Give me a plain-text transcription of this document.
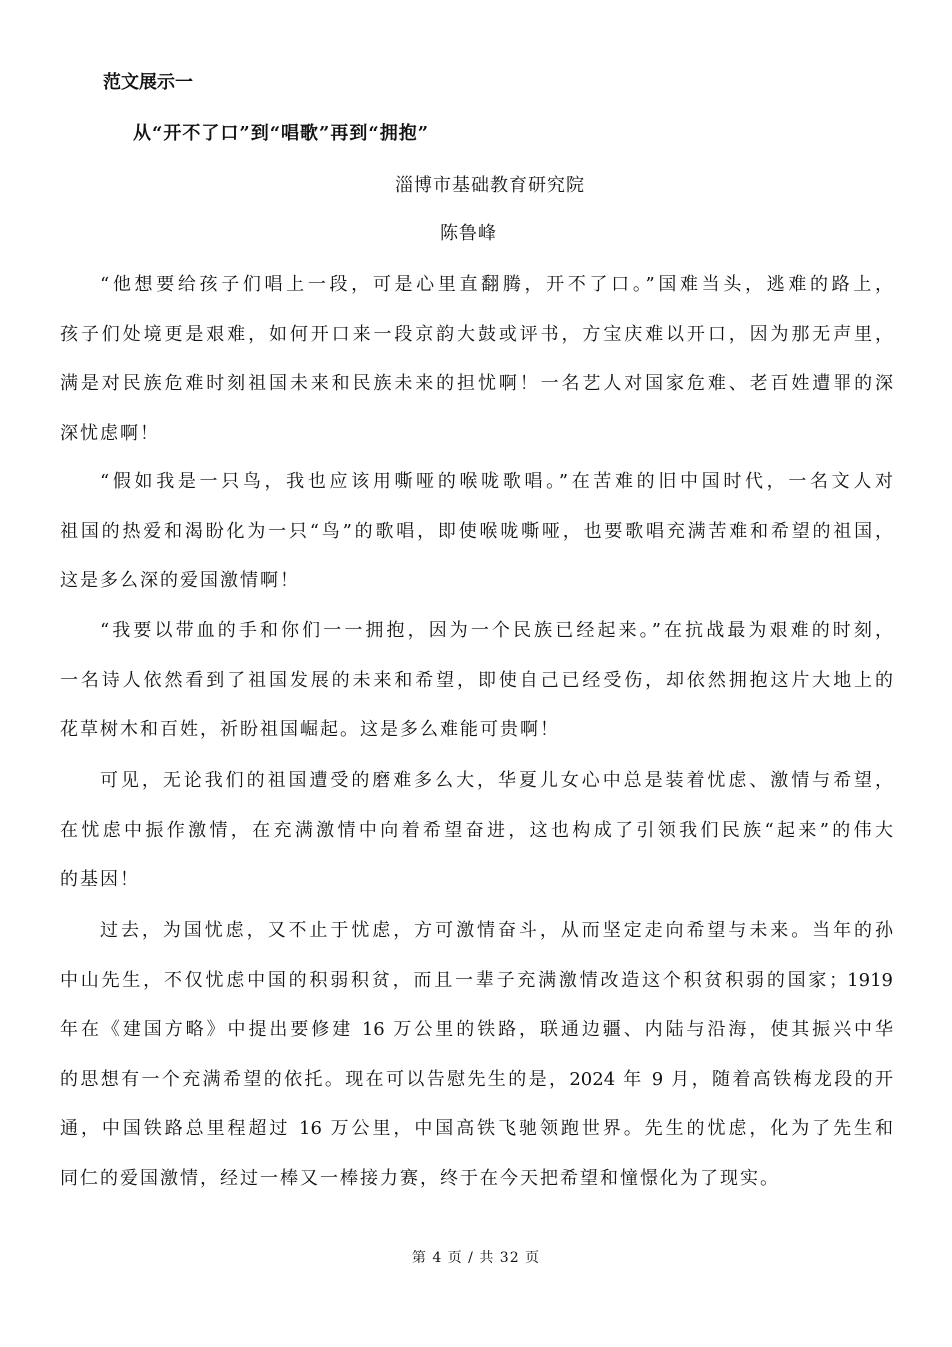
范文展示一
从“开不了口”到“唱歌”再到“拥抱”
淄博市基础教育研究院
陈鲁峰
“他想要给孩子们唱上一段，可是心里直翻腾，开不了口。”国难当头，逃难的路上，
孩子们处境更是艰难，如何开口来一段京韵大鼓或评书，方宝庆难以开口，因为那无声里，
满是对民族危难时刻祖国未来和民族未来的担忧啊！一名艺人对国家危难、老百姓遭罪的深
深忧虑啊！
“假如我是一只鸟，我也应该用嘶哑的喉咙歌唱。”在苦难的旧中国时代，一名文人对
祖国的热爱和渴盼化为一只“鸟”的歌唱，即使喉咙嘶哑，也要歌唱充满苦难和希望的祖国，
这是多么深的爱国激情啊！
“我要以带血的手和你们一一拥抱，因为一个民族已经起来。”在抗战最为艰难的时刻，
一名诗人依然看到了祖国发展的未来和希望，即使自己已经受伤，却依然拥抱这片大地上的
花草树木和百姓，祈盼祖国崛起。这是多么难能可贵啊！
可见，无论我们的祖国遭受的磨难多么大，华夏儿女心中总是装着忧虑、激情与希望，
在忧虑中振作激情，在充满激情中向着希望奋进，这也构成了引领我们民族“起来”的伟大
的基因！
过去，为国忧虑，又不止于忧虑，方可激情奋斗，从而坚定走向希望与未来。当年的孙
中山先生，不仅忧虑中国的积弱积贫，而且一辈子充满激情改造这个积贫积弱的国家；1919
年在《建国方略》中提出要修建 16 万公里的铁路，联通边疆、内陆与沿海，使其振兴中华
的思想有一个充满希望的依托。现在可以告慰先生的是，2024 年 9 月，随着高铁梅龙段的开
通，中国铁路总里程超过 16 万公里，中国高铁飞驰领跑世界。先生的忧虑，化为了先生和
同仁的爱国激情，经过一棒又一棒接力赛，终于在今天把希望和憧憬化为了现实。
第 4 页 / 共 32 页
